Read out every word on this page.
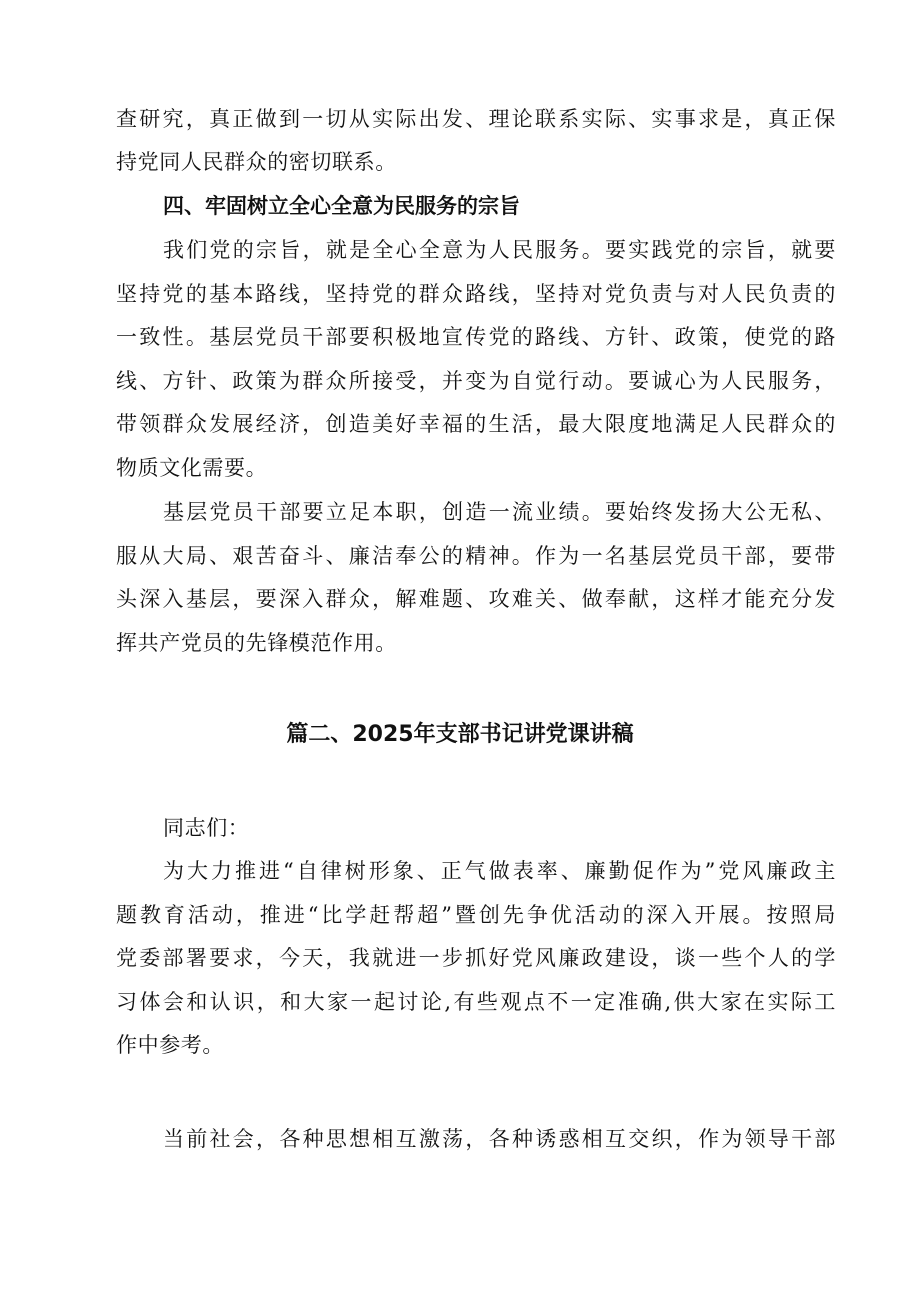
查研究，真正做到一切从实际出发、理论联系实际、实事求是，真正保
持党同人民群众的密切联系。
四、牢固树立全心全意为民服务的宗旨
我们党的宗旨，就是全心全意为人民服务。要实践党的宗旨，就要
坚持党的基本路线，坚持党的群众路线，坚持对党负责与对人民负责的
一致性。基层党员干部要积极地宣传党的路线、方针、政策，使党的路
线、方针、政策为群众所接受，并变为自觉行动。要诚心为人民服务，
带领群众发展经济，创造美好幸福的生活，最大限度地满足人民群众的
物质文化需要。
基层党员干部要立足本职，创造一流业绩。要始终发扬大公无私、
服从大局、艰苦奋斗、廉洁奉公的精神。作为一名基层党员干部，要带
头深入基层，要深入群众，解难题、攻难关、做奉献，这样才能充分发
挥共产党员的先锋模范作用。
篇二、2025年支部书记讲党课讲稿
同志们：
为大力推进“自律树形象、正气做表率、廉勤促作为”党风廉政主
题教育活动，推进“比学赶帮超”暨创先争优活动的深入开展。按照局
党委部署要求，今天，我就进一步抓好党风廉政建设，谈一些个人的学
习体会和认识，和大家一起讨论,有些观点不一定准确,供大家在实际工
作中参考。
当前社会，各种思想相互激荡，各种诱惑相互交织，作为领导干部
